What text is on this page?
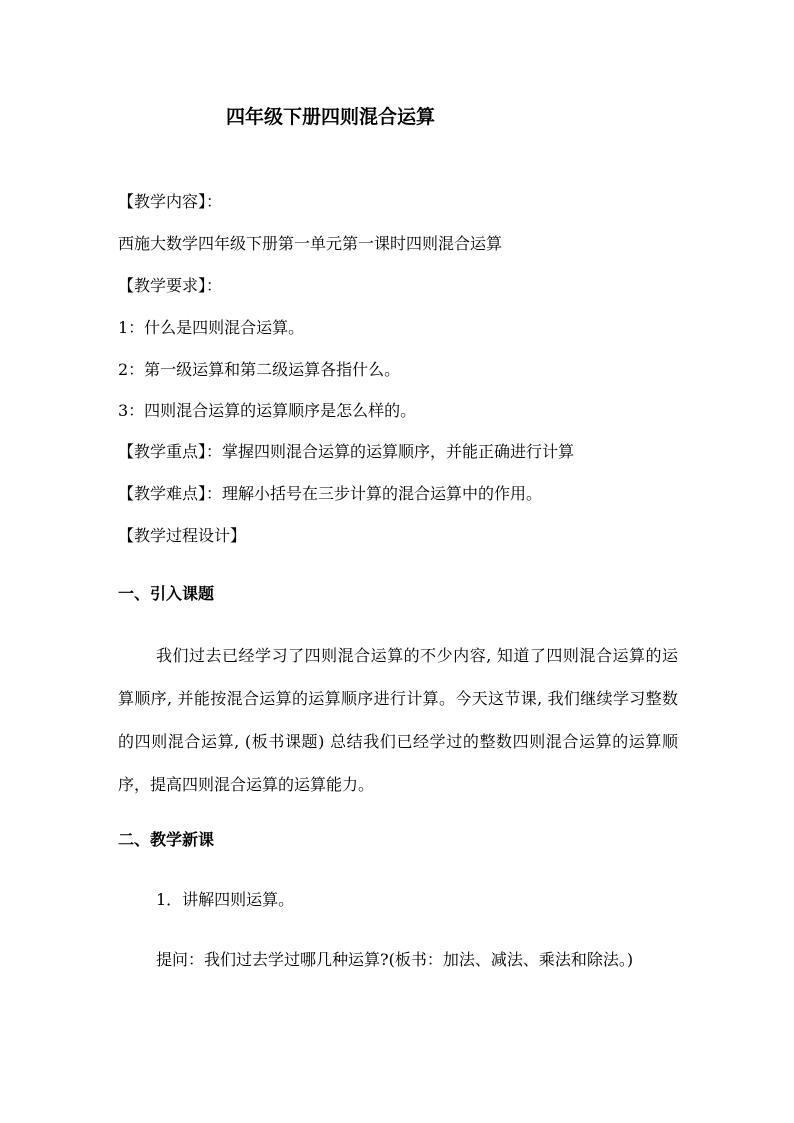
四年级下册四则混合运算
【教学内容】：
西施大数学四年级下册第一单元第一课时四则混合运算
【教学要求】：
1：什么是四则混合运算。
2：第一级运算和第二级运算各指什么。
3：四则混合运算的运算顺序是怎么样的。
【教学重点】：掌握四则混合运算的运算顺序，并能正确进行计算
【教学难点】：理解小括号在三步计算的混合运算中的作用。
【教学过程设计】
一、引入课题
我们过去已经学习了四则混合运算的不少内容, 知道了四则混合运算的运算顺序, 并能按混合运算的运算顺序进行计算。今天这节课, 我们继续学习整数的四则混合运算, (板书课题) 总结我们已经学过的整数四则混合运算的运算顺序，提高四则混合运算的运算能力。
二、教学新课
1．讲解四则运算。
提问：我们过去学过哪几种运算?(板书：加法、减法、乘法和除法。)
